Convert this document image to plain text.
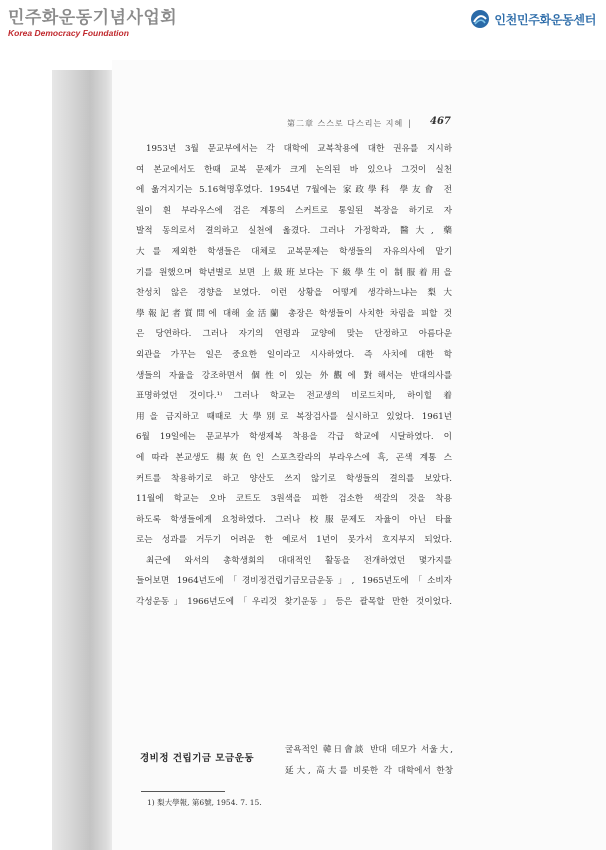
민주화운동기념사업회
Korea Democracy Foundation
인천민주화운동센터
第二章 스스로 다스리는 지혜 |	467
1953년 3월 문교부에서는 각 대학에 교복착용에 대한 권유를 지시하
여 본교에서도 한때 교복 문제가 크게 논의된 바 있으나 그것이 실천
에 옮겨지기는 5.16혁명후였다. 1954년 7월에는 家政學科 學友會 전
원이 흰 부라우스에 검은 계통의 스커트로 통일된 복장을 하기로 자
발적 동의로서 결의하고 실천에 옮겼다. 그러나 가정학과, 醫大, 藥
大를 제외한 학생들은 대체로 교복문제는 학생들의 자유의사에 맡기
기를 원했으며 학년별로 보면 上級班보다는 下級學生이 制服着用을
찬성치 않은 경향을 보였다. 이런 상황을 어떻게 생각하느냐는 梨大
學報記者質問에 대해 金活蘭 총장은 학생들이 사치한 차림을 피할 것
은 당연하다. 그러나 자기의 연령과 교양에 맞는 단정하고 아름다운
외관을 가꾸는 일은 중요한 일이라고 시사하였다. 즉 사치에 대한 학
생들의 자율을 강조하면서 個性이 있는 外觀에 對해서는 반대의사를
표명하였던 것이다.¹⁾ 그러나 학교는 전교생의 비로드치마, 하이힐 着
用을 금지하고 때때로 大學別로 복장검사를 실시하고 있었다. 1961년
6월 19일에는 문교부가 학생제복 착용을 각급 학교에 시달하였다. 이
에 따라 본교생도 楊灰色인 스포츠칼라의 부라우스에 흑, 곤색 계통 스
커트를 착용하기로 하고 양산도 쓰지 않기로 학생들의 결의를 보았다.
11월에 학교는 오바 코트도 3원색을 피한 검소한 색갈의 것을 착용
하도록 학생들에게 요청하였다. 그러나 校服문제도 자율이 아닌 타율
로는 성과를 거두기 어려운 한 예로서 1년이 못가서 흐지부지 되었다.
최근에 와서의 총학생회의 대대적인 활동을 전개하였던 몇가지를
들어보면 1964년도에「경비정건립기금모금운동」, 1965년도에「소비자
각성운동」1966년도에「우리것 찾기운동」등은 괄목할 만한 것이었다.
경비정 건립기금 모금운동
굴욕적인 韓日會談 반대 데모가 서울大,
延大, 高大를 비롯한 각 대학에서 한창
1) 梨大學報, 第6號, 1954. 7. 15.
